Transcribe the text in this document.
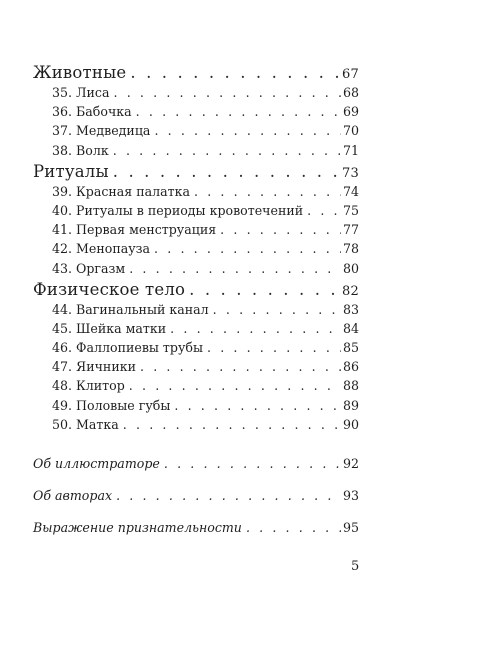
Животные . . .	67
35. Лиса . . .	68
36. Бабочка . . .	69
37. Медведица . . .	70
38. Волк . . .	71
Ритуалы . . .	73
39. Красная палатка . . .	74
40. Ритуалы в периоды кровотечений . . .	75
41. Первая менструация . . .	77
42. Менопауза . . .	78
43. Оргазм . . .	80
Физическое тело . . .	82
44. Вагинальный канал . . .	83
45. Шейка матки . . .	84
46. Фаллопиевы трубы . . .	85
47. Яичники . . .	86
48. Клитор . . .	88
49. Половые губы . . .	89
50. Матка . . .	90
Об иллюстраторе . . .	92
Об авторах . . .	93
Выражение признательности . . .	95
5
